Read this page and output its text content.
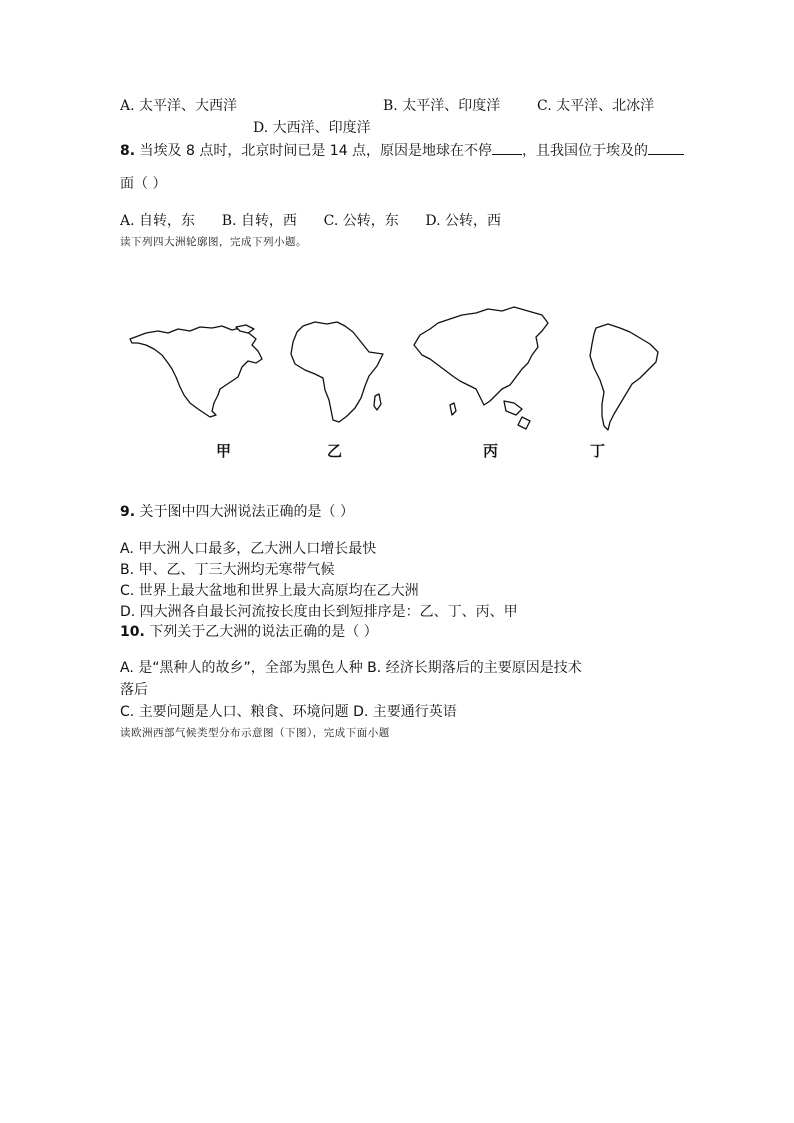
A. 太平洋、大西洋	B. 太平洋、印度洋	C. 太平洋、北冰洋
D. 大西洋、印度洋
8. 当埃及 8 点时，北京时间已是 14 点，原因是地球在不停 ，且我国位于埃及的
面（ ）
A. 自转，东      B. 自转，西      C. 公转，东      D. 公转，西
读下列四大洲轮廓图，完成下列小题。
甲	乙	丙	丁
9. 关于图中四大洲说法正确的是（ ）
A. 甲大洲人口最多，乙大洲人口增长最快
B. 甲、乙、丁三大洲均无寒带气候
C. 世界上最大盆地和世界上最大高原均在乙大洲
D. 四大洲各自最长河流按长度由长到短排序是：乙、丁、丙、甲
10. 下列关于乙大洲的说法正确的是（ ）
A. 是“黑种人的故乡”，全部为黑色人种 B. 经济长期落后的主要原因是技术
落后
C. 主要问题是人口、粮食、环境问题 D. 主要通行英语
读欧洲西部气候类型分布示意图（下图），完成下面小题
